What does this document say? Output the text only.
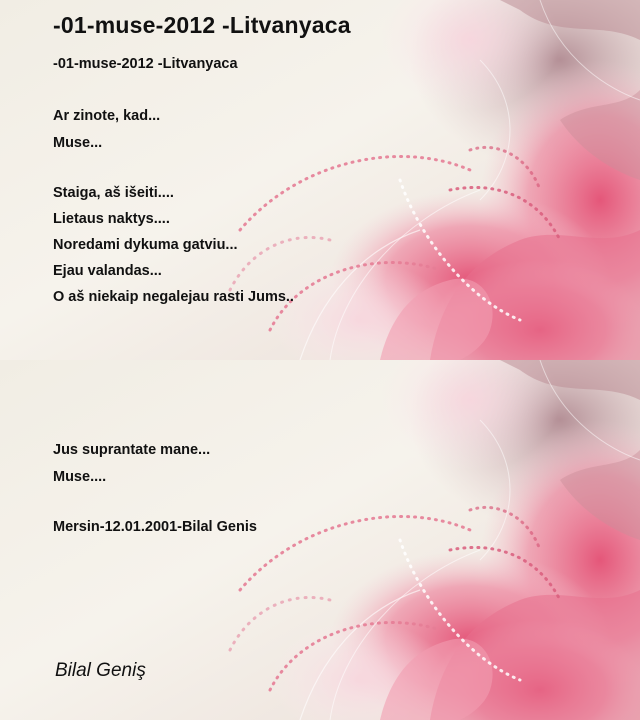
-01-muse-2012 -Litvanyaca
-01-muse-2012 -Litvanyaca
Ar zinote, kad...
Muse...
Staiga, aš išeiti....
Lietaus naktys....
Noredami dykuma gatviu...
Ejau valandas...
O aš niekaip negalejau rasti Jums..
Jus suprantate mane...
Muse....
Mersin-12.01.2001-Bilal Genis
Bilal Geniş
